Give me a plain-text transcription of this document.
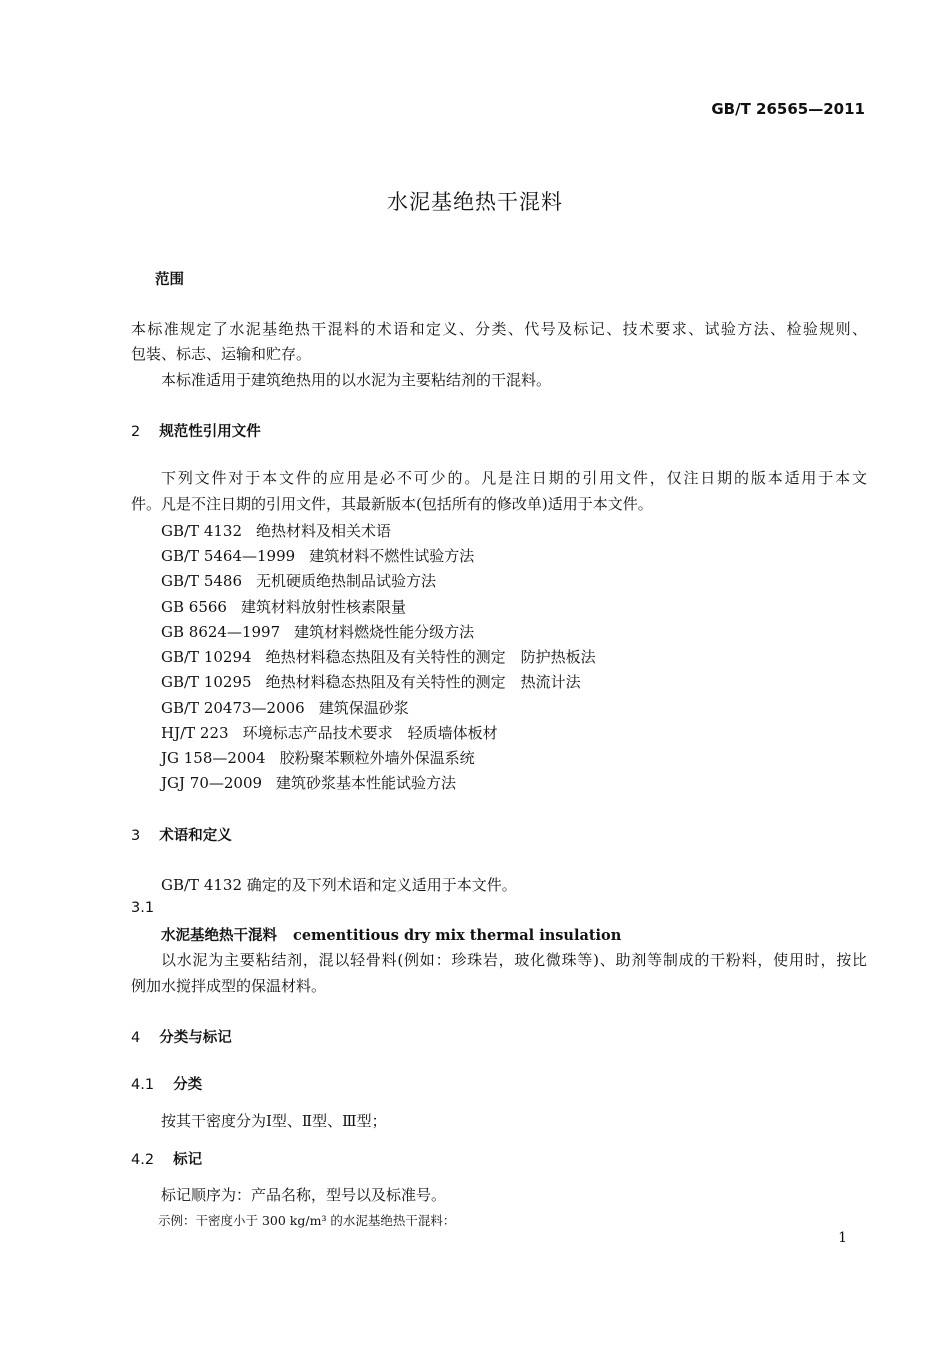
GB/T 26565—2011
水泥基绝热干混料
范围
本标准规定了水泥基绝热干混料的术语和定义、分类、代号及标记、技术要求、试验方法、检验规则、
包装、标志、运输和贮存。
本标准适用于建筑绝热用的以水泥为主要粘结剂的干混料。
2 规范性引用文件
下列文件对于本文件的应用是必不可少的。凡是注日期的引用文件，仅注日期的版本适用于本文
件。凡是不注日期的引用文件，其最新版本(包括所有的修改单)适用于本文件。
GB/T 4132 绝热材料及相关术语
GB/T 5464—1999 建筑材料不燃性试验方法
GB/T 5486 无机硬质绝热制品试验方法
GB 6566 建筑材料放射性核素限量
GB 8624—1997 建筑材料燃烧性能分级方法
GB/T 10294 绝热材料稳态热阻及有关特性的测定　防护热板法
GB/T 10295 绝热材料稳态热阻及有关特性的测定　热流计法
GB/T 20473—2006 建筑保温砂浆
HJ/T 223 环境标志产品技术要求　轻质墙体板材
JG 158—2004 胶粉聚苯颗粒外墙外保温系统
JGJ 70—2009 建筑砂浆基本性能试验方法
3 术语和定义
GB/T 4132 确定的及下列术语和定义适用于本文件。
3.1
水泥基绝热干混料 cementitious dry mix thermal insulation
以水泥为主要粘结剂，混以轻骨料(例如：珍珠岩，玻化微珠等)、助剂等制成的干粉料，使用时，按比
例加水搅拌成型的保温材料。
4 分类与标记
4.1 分类
按其干密度分为Ⅰ型、Ⅱ型、Ⅲ型；
4.2 标记
标记顺序为：产品名称，型号以及标准号。
示例：干密度小于 300 kg/m³ 的水泥基绝热干混料：
1
